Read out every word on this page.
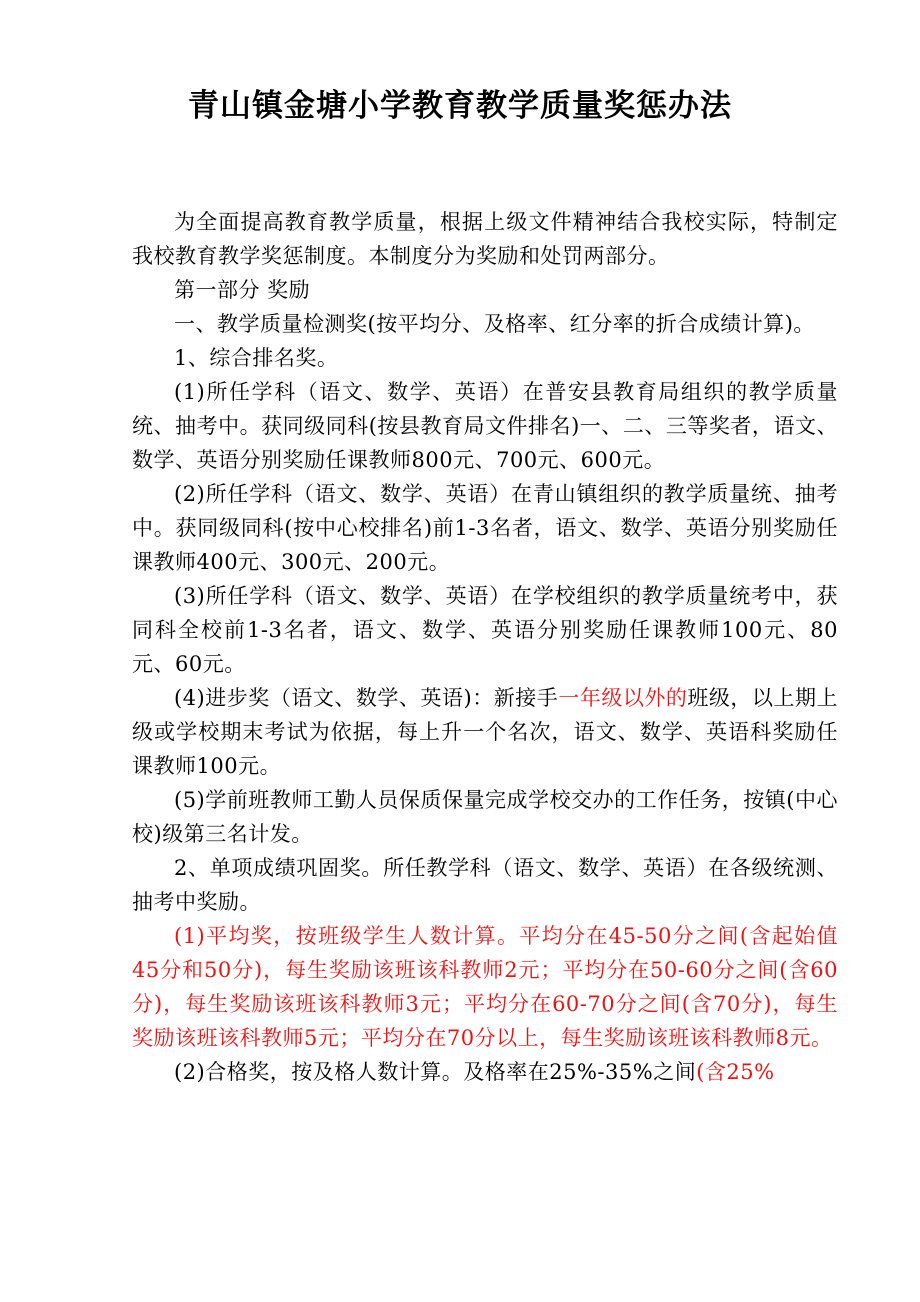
青山镇金塘小学教育教学质量奖惩办法

为全面提高教育教学质量，根据上级文件精神结合我校实际，特制定我校教育教学奖惩制度。本制度分为奖励和处罚两部分。

第一部分 奖励

一、教学质量检测奖(按平均分、及格率、红分率的折合成绩计算)。

1、综合排名奖。

(1)所任学科（语文、数学、英语）在普安县教育局组织的教学质量统、抽考中。获同级同科(按县教育局文件排名)一、二、三等奖者，语文、数学、英语分别奖励任课教师800元、700元、600元。

(2)所任学科（语文、数学、英语）在青山镇组织的教学质量统、抽考中。获同级同科(按中心校排名)前1-3名者，语文、数学、英语分别奖励任课教师400元、300元、200元。

(3)所任学科（语文、数学、英语）在学校组织的教学质量统考中，获同科全校前1-3名者，语文、数学、英语分别奖励任课教师100元、80元、60元。

(4)进步奖（语文、数学、英语)：新接手一年级以外的班级，以上期上级或学校期末考试为依据，每上升一个名次，语文、数学、英语科奖励任课教师100元。

(5)学前班教师工勤人员保质保量完成学校交办的工作任务，按镇(中心校)级第三名计发。

2、单项成绩巩固奖。所任教学科（语文、数学、英语）在各级统测、抽考中奖励。

(1)平均奖，按班级学生人数计算。平均分在45-50分之间(含起始值45分和50分)，每生奖励该班该科教师2元；平均分在50-60分之间(含60分)，每生奖励该班该科教师3元；平均分在60-70分之间(含70分)，每生奖励该班该科教师5元；平均分在70分以上，每生奖励该班该科教师8元。

(2)合格奖，按及格人数计算。及格率在25%-35%之间(含25%
